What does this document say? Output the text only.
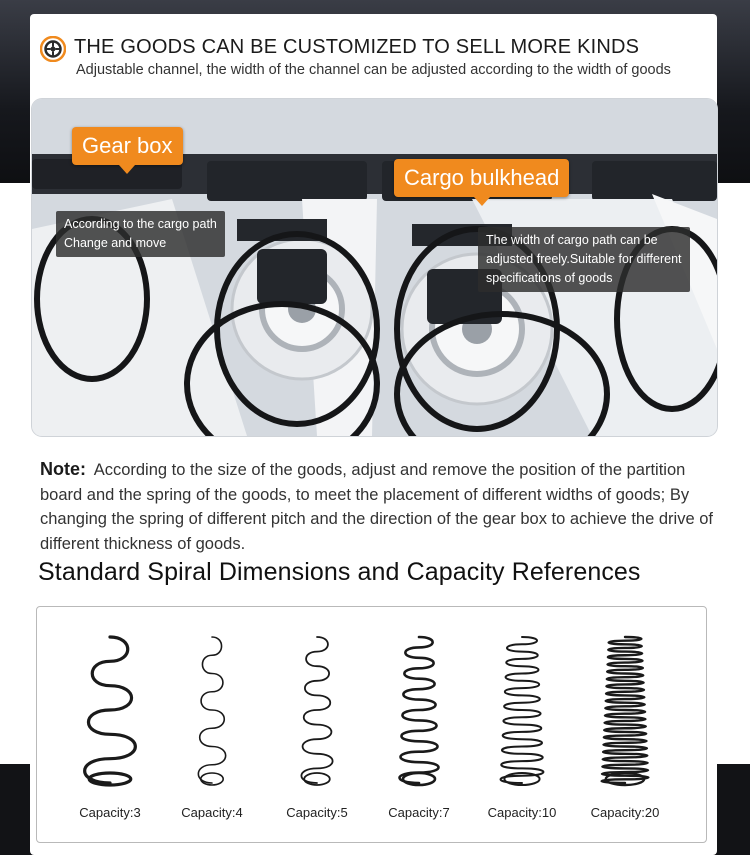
THE GOODS CAN BE CUSTOMIZED TO SELL MORE KINDS
Adjustable channel, the width of the channel can be adjusted according to the width of goods
Gear box
Cargo bulkhead
According to the cargo path
Change and move	The width of cargo path can be
adjusted freely.Suitable for different
specifications of goods
Note: According to the size of the goods, adjust and remove the position of the partition board and the spring of the goods, to meet the placement of different widths of goods; By changing the spring of different pitch and the direction of the gear box to achieve the drive of different thickness of goods.
Standard Spiral Dimensions and Capacity References
Capacity:3	Capacity:4	Capacity:5	Capacity:7	Capacity:10	Capacity:20
